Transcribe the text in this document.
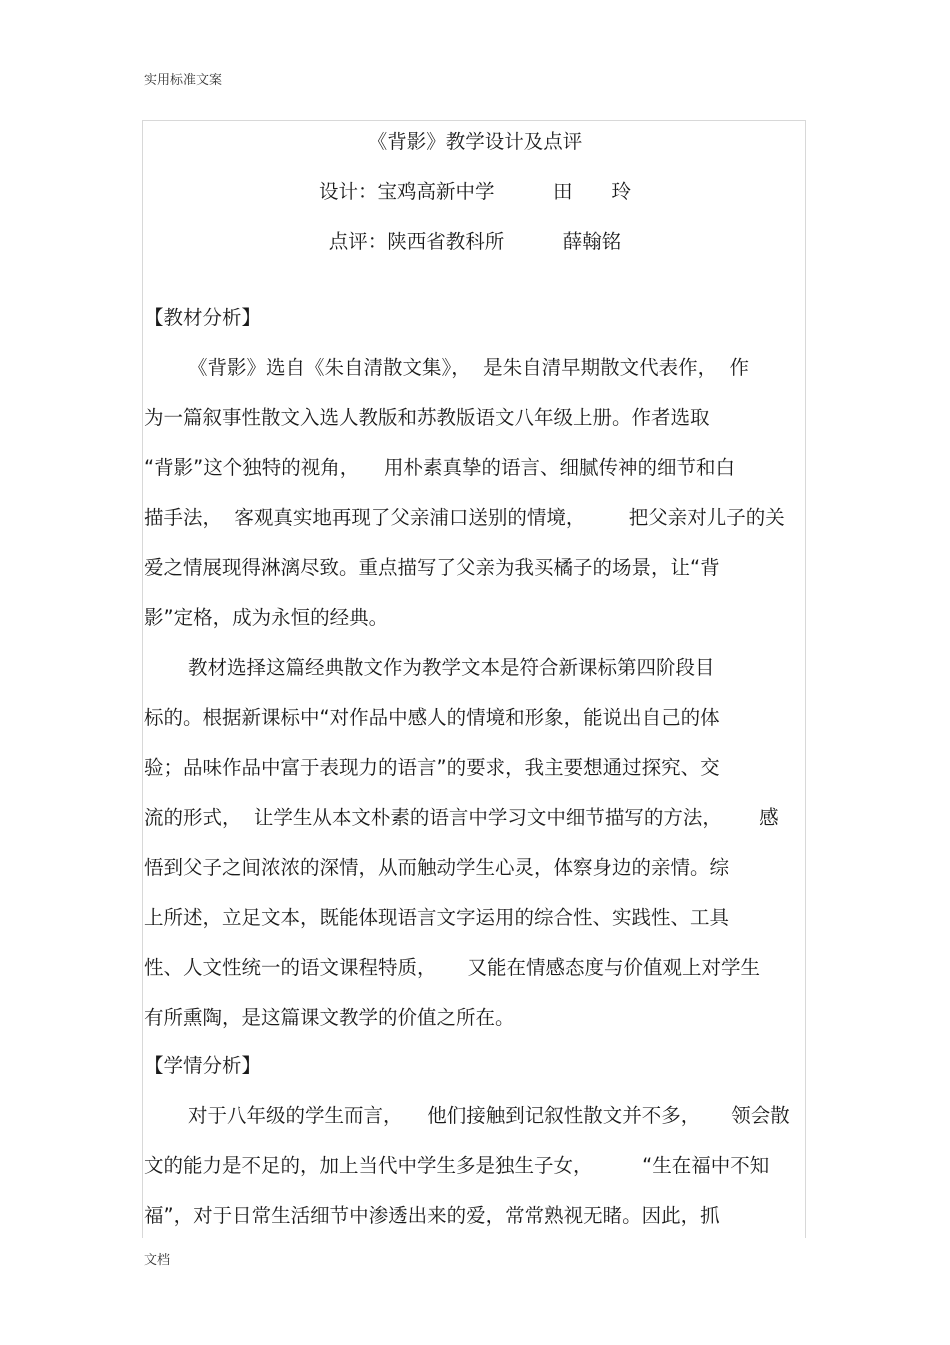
实用标准文案
《背影》教学设计及点评
设计：宝鸡高新中学　　　田　　玲
点评：陕西省教科所　　　薛翰铭
【教材分析】
《背影》选自《朱自清散文集》，  是朱自清早期散文代表作，  作
为一篇叙事性散文入选人教版和苏教版语文八年级上册。作者选取
“背影”这个独特的视角，    用朴素真挚的语言、细腻传神的细节和白
描手法，  客观真实地再现了父亲浦口送别的情境，       把父亲对儿子的关
爱之情展现得淋漓尽致。重点描写了父亲为我买橘子的场景，让“背
影”定格，成为永恒的经典。
教材选择这篇经典散文作为教学文本是符合新课标第四阶段目
标的。根据新课标中“对作品中感人的情境和形象，能说出自己的体
验；品味作品中富于表现力的语言”的要求，我主要想通过探究、交
流的形式，  让学生从本文朴素的语言中学习文中细节描写的方法，      感
悟到父子之间浓浓的深情，从而触动学生心灵，体察身边的亲情。综
上所述，立足文本，既能体现语言文字运用的综合性、实践性、工具
性、人文性统一的语文课程特质，     又能在情感态度与价值观上对学生
有所熏陶，是这篇课文教学的价值之所在。
【学情分析】
对于八年级的学生而言，    他们接触到记叙性散文并不多，     领会散
文的能力是不足的，加上当代中学生多是独生子女，        “生在福中不知
福”，对于日常生活细节中渗透出来的爱，常常熟视无睹。因此，抓
文档
